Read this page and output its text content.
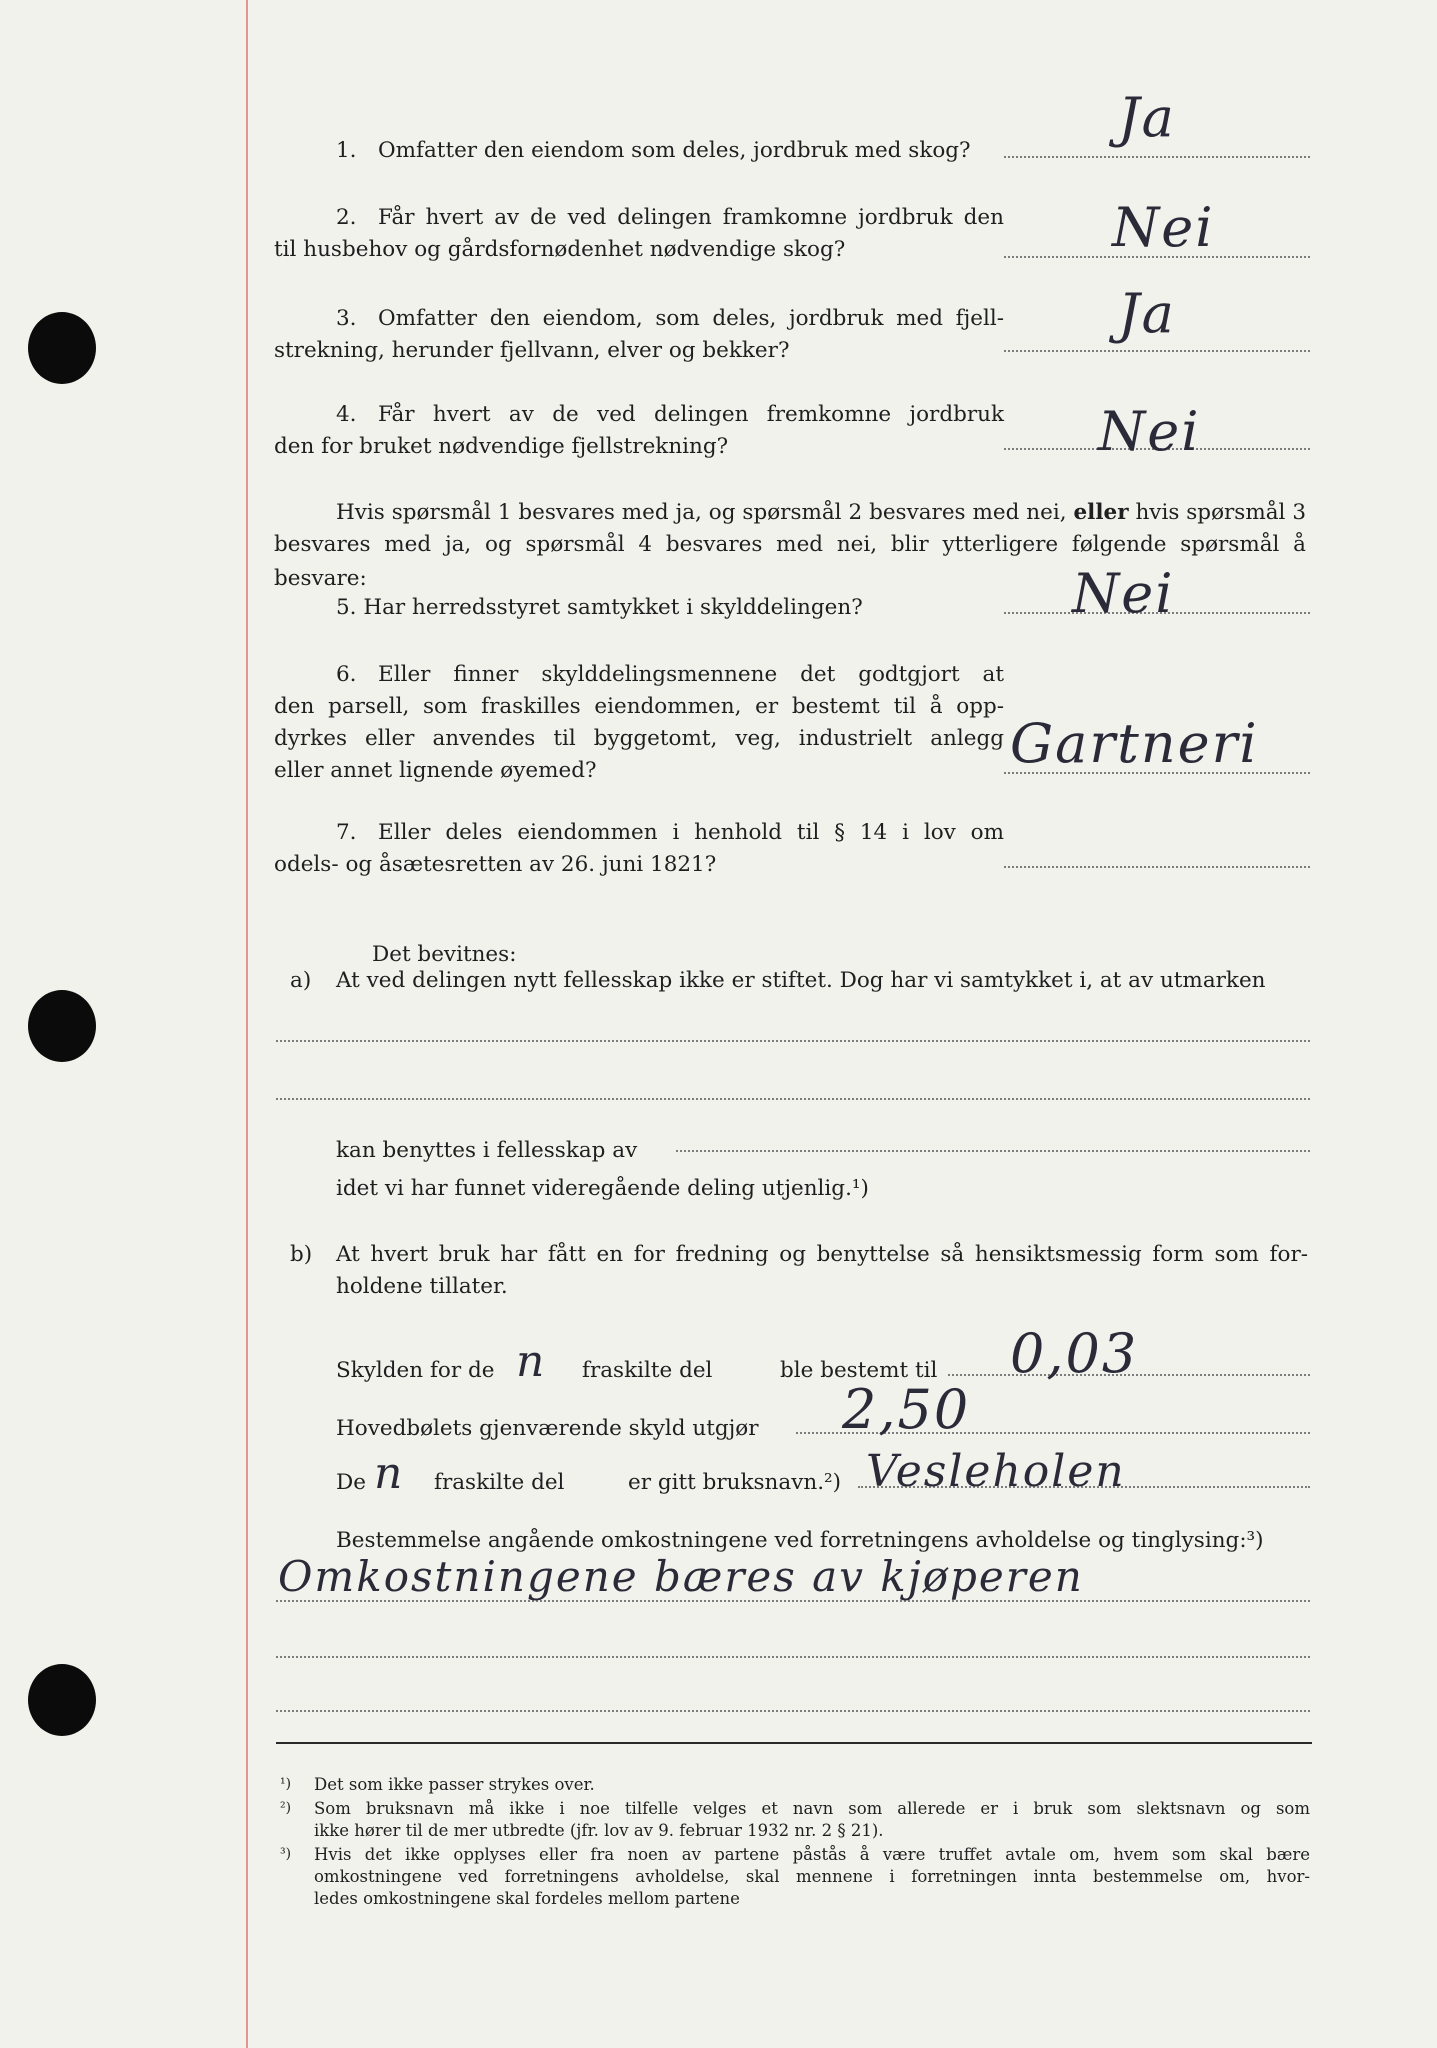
1. Omfatter den eiendom som deles, jordbruk med skog?
Ja
2. Får hvert av de ved delingen framkomne jordbruk den
til husbehov og gårdsfornødenhet nødvendige skog?	Nei
3. Omfatter den eiendom, som deles, jordbruk med fjell-
strekning, herunder fjellvann, elver og bekker?
Ja
4. Får hvert av de ved delingen fremkomne jordbruk
den for bruket nødvendige fjellstrekning?	Nei
Hvis spørsmål 1 besvares med ja, og spørsmål 2 besvares med nei, eller hvis spørsmål 3
besvares med ja, og spørsmål 4 besvares med nei, blir ytterligere følgende spørsmål å besvare:
5. Har herredsstyret samtykket i skylddelingen?	Nei
6. Eller finner skylddelingsmennene det godtgjort at
den parsell, som fraskilles eiendommen, er bestemt til å opp-
dyrkes eller anvendes til byggetomt, veg, industrielt anlegg
eller annet lignende øyemed?	Gartneri
7. Eller deles eiendommen i henhold til § 14 i lov om
odels- og åsætesretten av 26. juni 1821?
Det bevitnes:
a) At ved delingen nytt fellesskap ikke er stiftet. Dog har vi samtykket i, at av utmarken
kan benyttes i fellesskap av
idet vi har funnet videregående deling utjenlig.¹)
b) At hvert bruk har fått en for fredning og benyttelse så hensiktsmessig form som for-
holdene tillater.
Skylden for de n fraskilte del	ble bestemt til 0,03
Hovedbølets gjenværende skyld utgjør 2,50
De n fraskilte del	er gitt bruksnavn.²) Vesleholen
Bestemmelse angående omkostningene ved forretningens avholdelse og tinglysing:³)
Omkostningene bæres av kjøperen
¹) Det som ikke passer strykes over.
²) Som bruksnavn må ikke i noe tilfelle velges et navn som allerede er i bruk som slektsnavn og som
ikke hører til de mer utbredte (jfr. lov av 9. februar 1932 nr. 2 § 21).
³) Hvis det ikke opplyses eller fra noen av partene påstås å være truffet avtale om, hvem som skal bære
omkostningene ved forretningens avholdelse, skal mennene i forretningen innta bestemmelse om, hvor-
ledes omkostningene skal fordeles mellom partene
